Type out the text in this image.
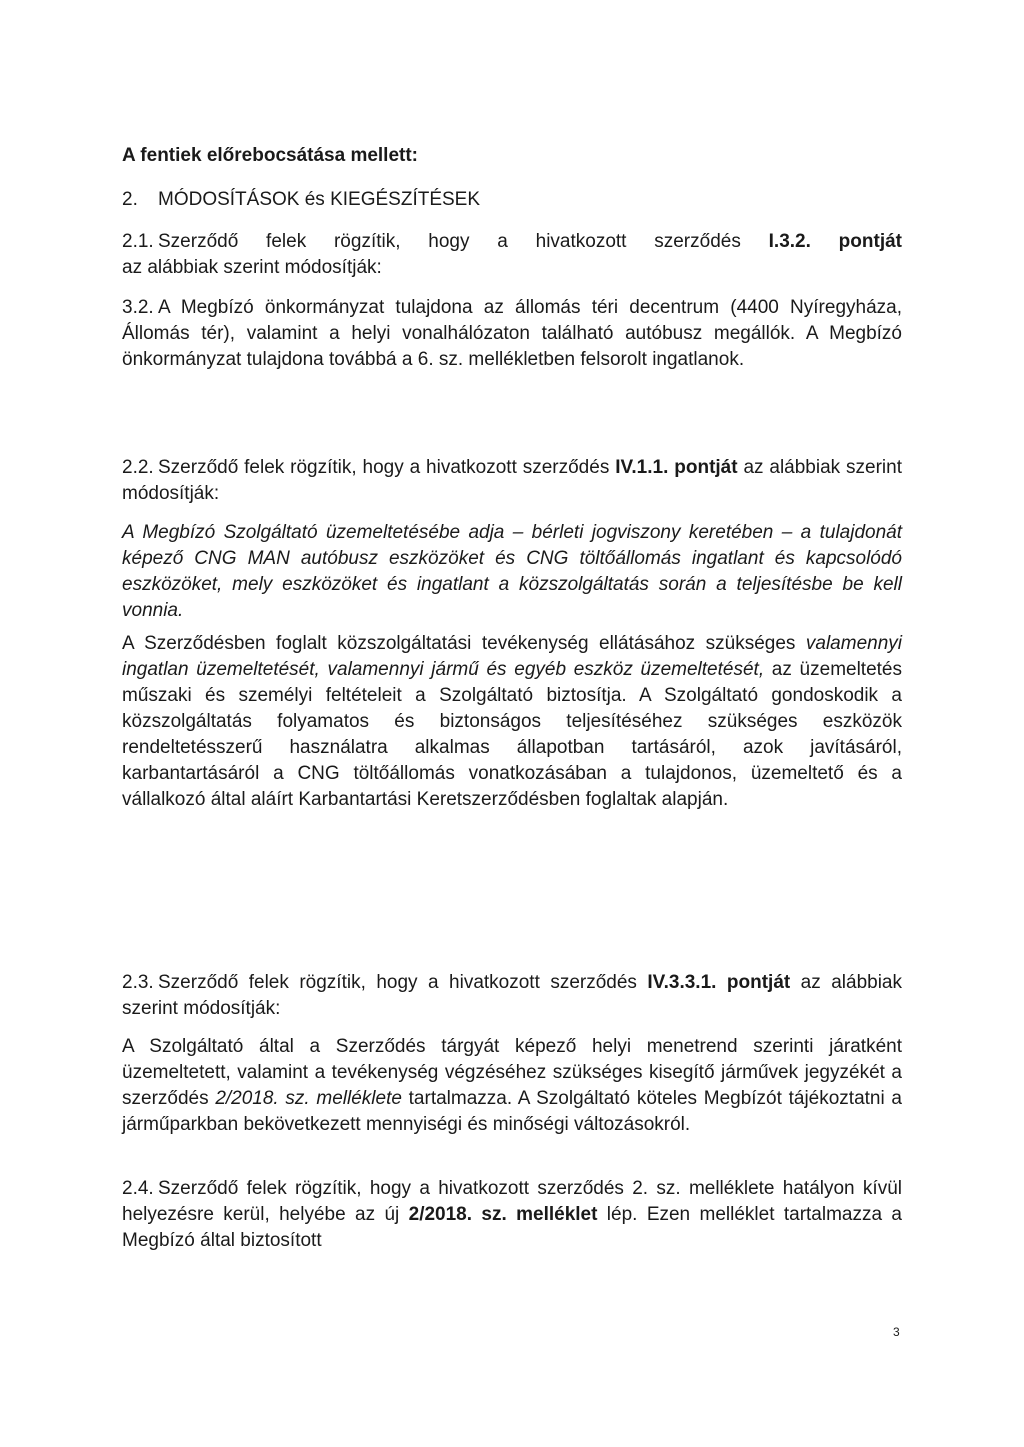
A fentiek előrebocsátása mellett:

2. MÓDOSÍTÁSOK és KIEGÉSZÍTÉSEK
2.1. Szerződő felek rögzítik, hogy a hivatkozott szerződés I.3.2. pontját
az alábbiak szerint módosítják:
3.2. A Megbízó önkormányzat tulajdona az állomás téri decentrum (4400 Nyíregyháza, Állomás tér), valamint a helyi vonalhálózaton található autóbusz megállók. A Megbízó önkormányzat tulajdona továbbá a 6. sz. mellékletben felsorolt ingatlanok.
2.2. Szerződő felek rögzítik, hogy a hivatkozott szerződés IV.1.1. pontját az alábbiak szerint módosítják:
A Megbízó Szolgáltató üzemeltetésébe adja – bérleti jogviszony keretében – a tulajdonát képező CNG MAN autóbusz eszközöket és CNG töltőállomás ingatlant és kapcsolódó eszközöket, mely eszközöket és ingatlant a közszolgáltatás során a teljesítésbe be kell vonnia.
A Szerződésben foglalt közszolgáltatási tevékenység ellátásához szükséges valamennyi ingatlan üzemeltetését, valamennyi jármű és egyéb eszköz üzemeltetését, az üzemeltetés műszaki és személyi feltételeit a Szolgáltató biztosítja. A Szolgáltató gondoskodik a közszolgáltatás folyamatos és biztonságos teljesítéséhez szükséges eszközök rendeltetésszerű használatra alkalmas állapotban tartásáról, azok javításáról, karbantartásáról a CNG töltőállomás vonatkozásában a tulajdonos, üzemeltető és a vállalkozó által aláírt Karbantartási Keretszerződésben foglaltak alapján.
2.3. Szerződő felek rögzítik, hogy a hivatkozott szerződés IV.3.3.1. pontját az alábbiak szerint módosítják:
A Szolgáltató által a Szerződés tárgyát képező helyi menetrend szerinti járatként üzemeltetett, valamint a tevékenység végzéséhez szükséges kisegítő járművek jegyzékét a szerződés 2/2018. sz. melléklete tartalmazza. A Szolgáltató köteles Megbízót tájékoztatni a járműparkban bekövetkezett mennyiségi és minőségi változásokról.
2.4. Szerződő felek rögzítik, hogy a hivatkozott szerződés 2. sz. melléklete hatályon kívül helyezésre kerül, helyébe az új 2/2018. sz. melléklet lép. Ezen melléklet tartalmazza a Megbízó által biztosított
3
